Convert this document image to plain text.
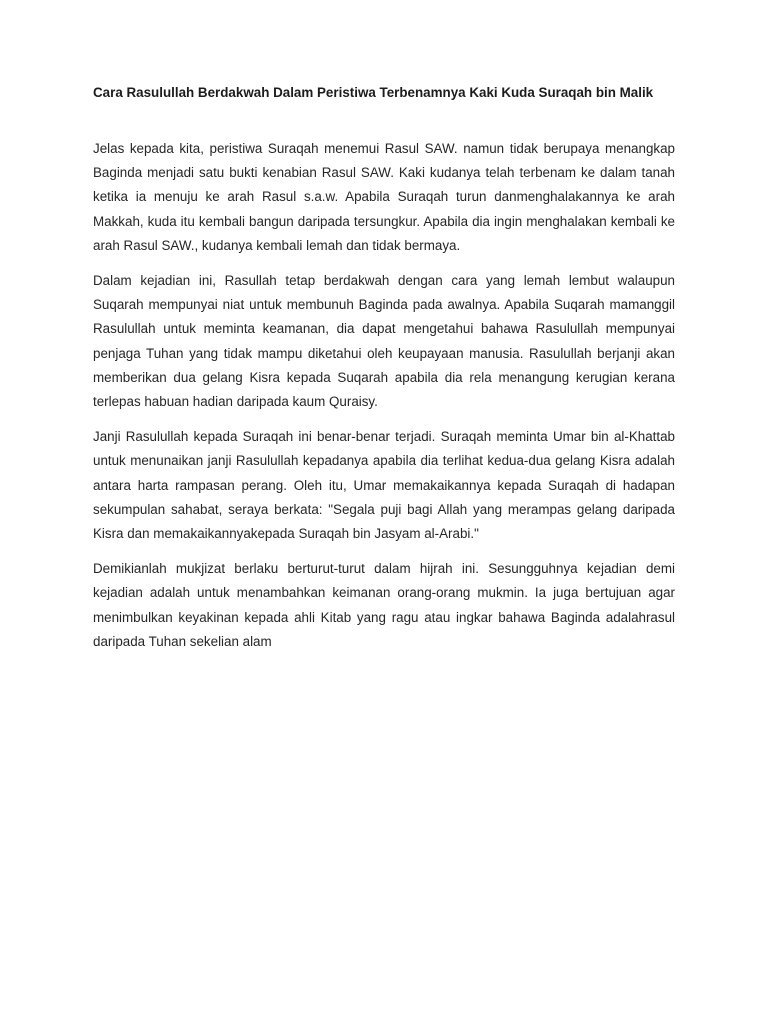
Cara Rasulullah Berdakwah Dalam Peristiwa Terbenamnya Kaki Kuda Suraqah bin Malik

Jelas kepada kita, peristiwa Suraqah menemui Rasul SAW. namun tidak berupaya menangkap Baginda menjadi satu bukti kenabian Rasul SAW. Kaki kudanya telah terbenam ke dalam tanah ketika ia menuju ke arah Rasul s.a.w. Apabila Suraqah turun danmenghalakannya ke arah Makkah, kuda itu kembali bangun daripada tersungkur. Apabila dia ingin menghalakan kembali ke arah Rasul SAW., kudanya kembali lemah dan tidak bermaya.

Dalam kejadian ini, Rasullah tetap berdakwah dengan cara yang lemah lembut walaupun Suqarah mempunyai niat untuk membunuh Baginda pada awalnya. Apabila Suqarah mamanggil Rasulullah untuk meminta keamanan, dia dapat mengetahui bahawa Rasulullah mempunyai penjaga Tuhan yang tidak mampu diketahui oleh keupayaan manusia. Rasulullah berjanji akan memberikan dua gelang Kisra kepada Suqarah apabila dia rela menangung kerugian kerana terlepas habuan hadian daripada kaum Quraisy.

Janji Rasulullah kepada Suraqah ini benar-benar terjadi. Suraqah meminta Umar bin al-Khattab untuk menunaikan janji Rasulullah kepadanya apabila dia terlihat kedua-dua gelang Kisra adalah antara harta rampasan perang. Oleh itu, Umar memakaikannya kepada Suraqah di hadapan sekumpulan sahabat, seraya berkata: "Segala puji bagi Allah yang merampas gelang daripada Kisra dan memakaikannyakepada Suraqah bin Jasyam al-Arabi."

Demikianlah mukjizat berlaku berturut-turut dalam hijrah ini. Sesungguhnya kejadian demi kejadian adalah untuk menambahkan keimanan orang-orang mukmin. Ia juga bertujuan agar menimbulkan keyakinan kepada ahli Kitab yang ragu atau ingkar bahawa Baginda adalahrasul daripada Tuhan sekelian alam
